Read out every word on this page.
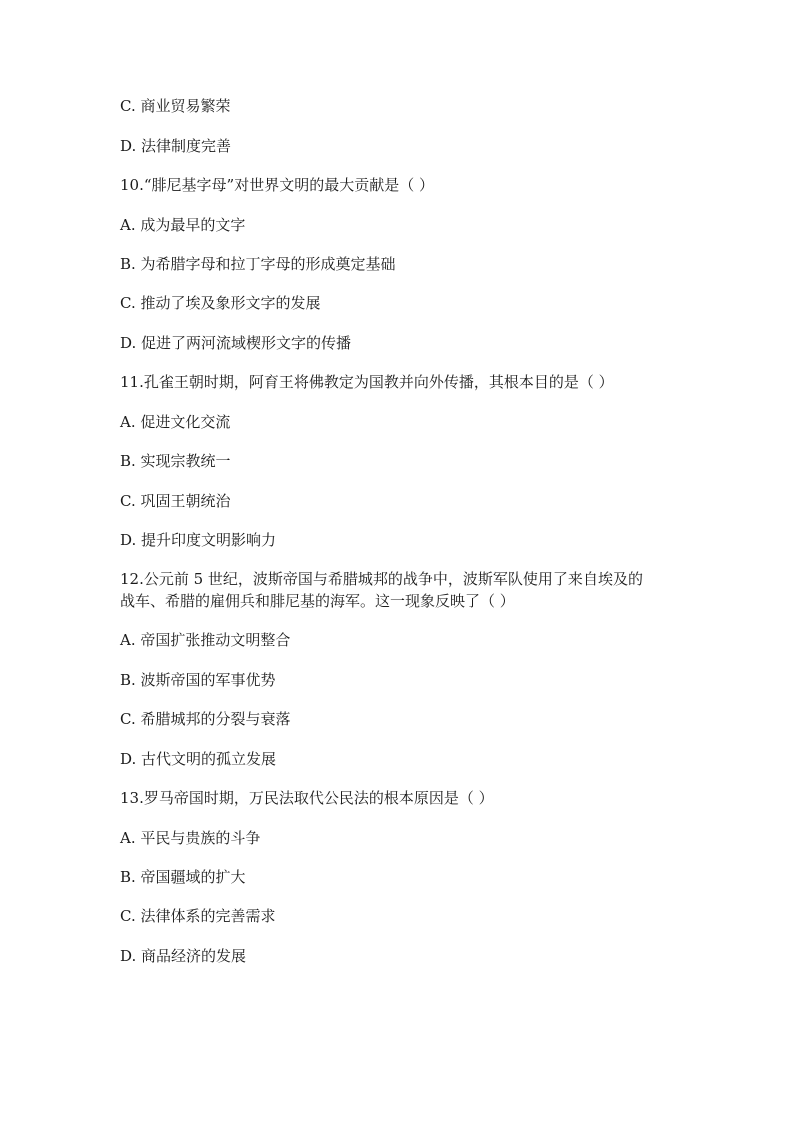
C. 商业贸易繁荣
D. 法律制度完善
10.“腓尼基字母”对世界文明的最大贡献是（ ）
A. 成为最早的文字
B. 为希腊字母和拉丁字母的形成奠定基础
C. 推动了埃及象形文字的发展
D. 促进了两河流域楔形文字的传播
11.孔雀王朝时期，阿育王将佛教定为国教并向外传播，其根本目的是（ ）
A. 促进文化交流
B. 实现宗教统一
C. 巩固王朝统治
D. 提升印度文明影响力
12.公元前 5 世纪，波斯帝国与希腊城邦的战争中，波斯军队使用了来自埃及的
战车、希腊的雇佣兵和腓尼基的海军。这一现象反映了（ ）
A. 帝国扩张推动文明整合
B. 波斯帝国的军事优势
C. 希腊城邦的分裂与衰落
D. 古代文明的孤立发展
13.罗马帝国时期，万民法取代公民法的根本原因是（ ）
A. 平民与贵族的斗争
B. 帝国疆域的扩大
C. 法律体系的完善需求
D. 商品经济的发展
